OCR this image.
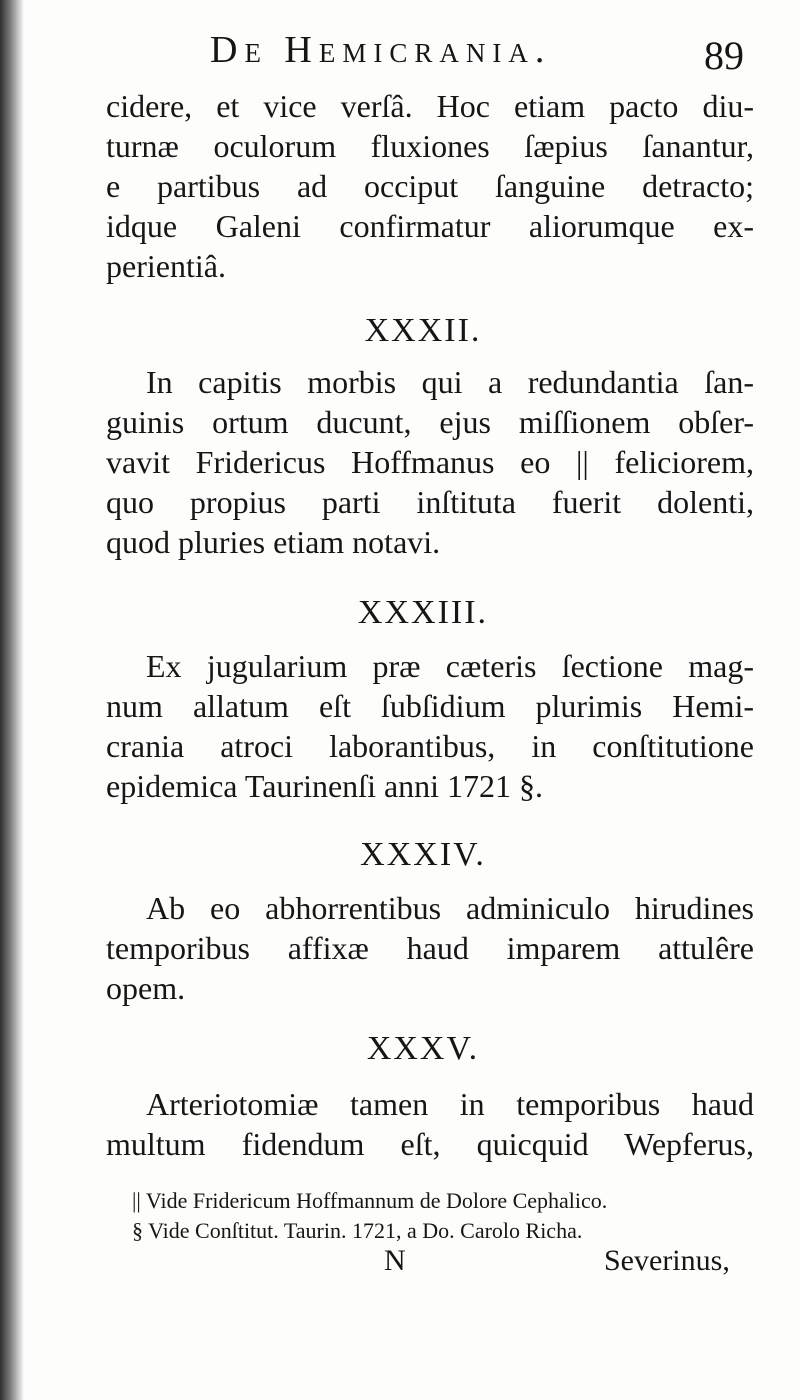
De Hemicrania.	89
cidere, et vice verſâ. Hoc etiam pacto diu-
turnæ oculorum fluxiones ſæpius ſanantur,
e partibus ad occiput ſanguine detracto;
idque Galeni confirmatur aliorumque ex-
perientiâ.
XXXII.
In capitis morbis qui a redundantia ſan-
guinis ortum ducunt, ejus miſſionem obſer-
vavit Fridericus Hoffmanus eo || feliciorem,
quo propius parti inſtituta fuerit dolenti,
quod pluries etiam notavi.
XXXIII.
Ex jugularium præ cæteris ſectione mag-
num allatum eſt ſubſidium plurimis Hemi-
crania atroci laborantibus, in conſtitutione
epidemica Taurinenſi anni 1721 §.
XXXIV.
Ab eo abhorrentibus adminiculo hirudines
temporibus affixæ haud imparem attulêre
opem.
XXXV.
Arteriotomiæ tamen in temporibus haud
multum fidendum eſt, quicquid Wepferus,
|| Vide Fridericum Hoffmannum de Dolore Cephalico.
§ Vide Conſtitut. Taurin. 1721, a Do. Carolo Richa.
N	Severinus,
